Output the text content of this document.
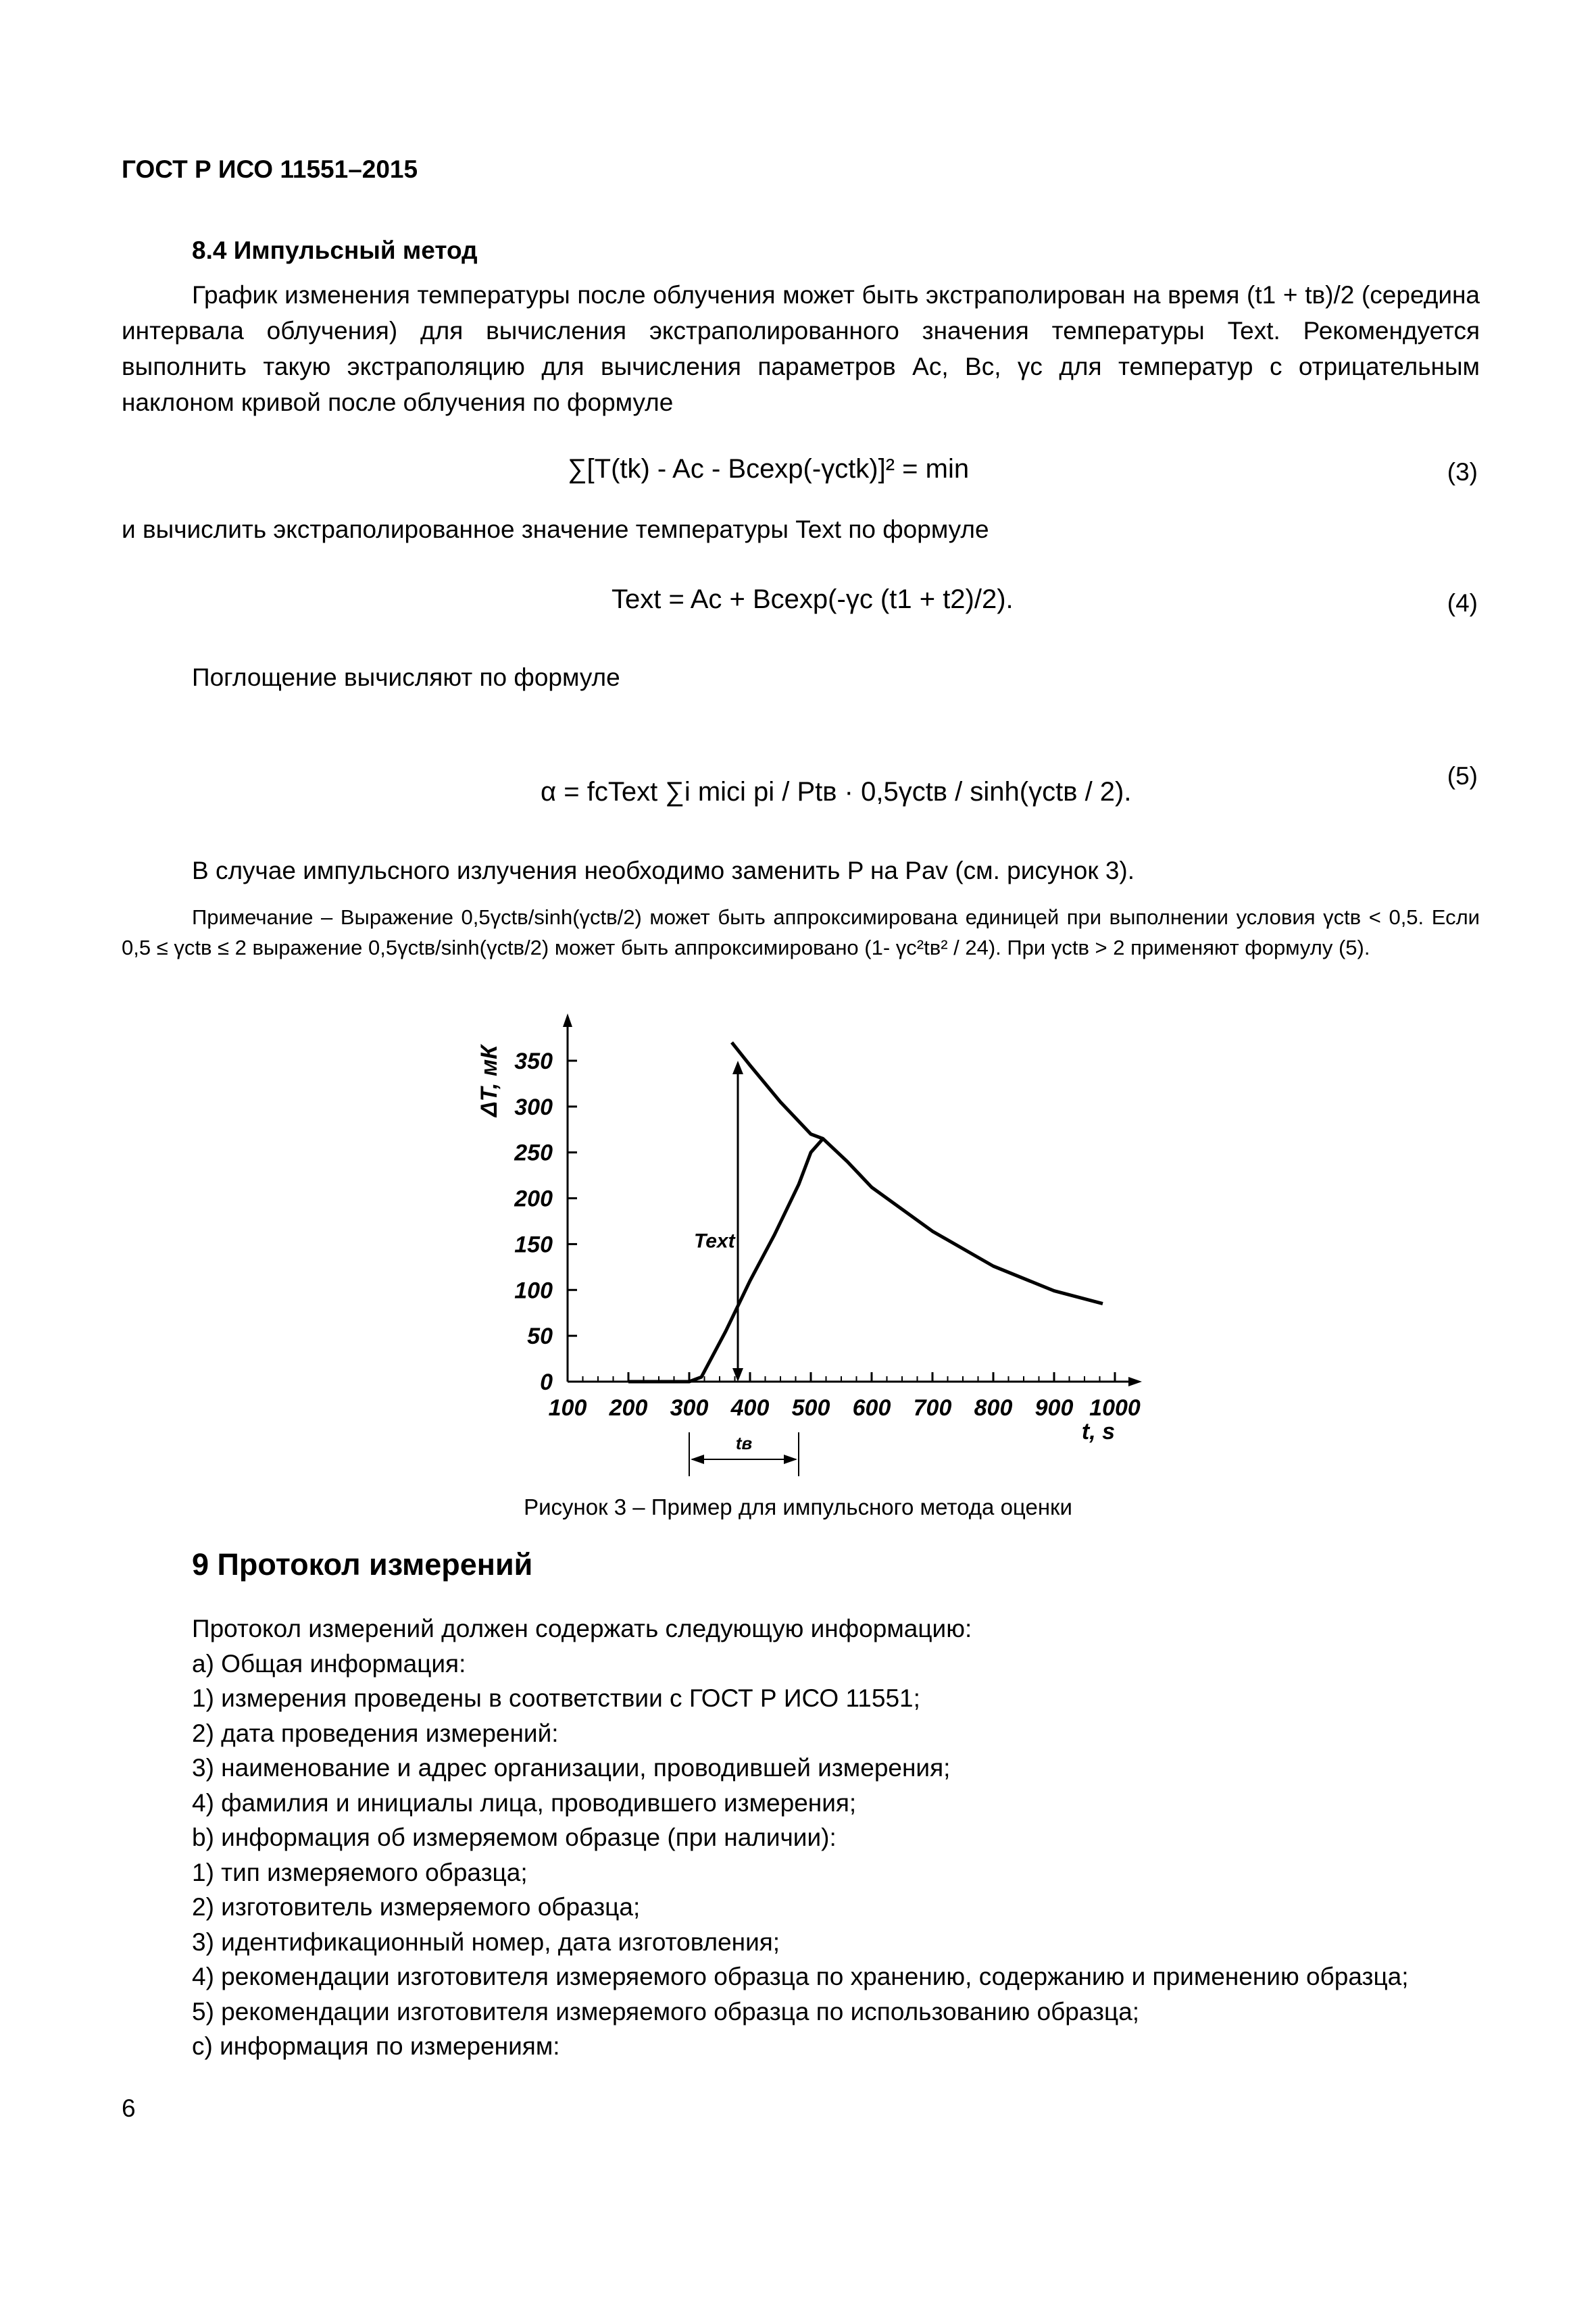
ГОСТ Р ИСО 11551–2015
8.4 Импульсный метод
График изменения температуры после облучения может быть экстраполирован на время (t1 + tв)/2 (середина интервала облучения) для вычисления экстраполированного значения температуры Text. Рекомендуется выполнить такую экстраполяцию для вычисления параметров Ac, Bc, γc для температур с отрицательным наклоном кривой после облучения по формуле
∑[T(tk) - Ac - Bcexp(-γctk)]² = min	(3)
и вычислить экстраполированное значение температуры Text по формуле
Text = Ac + Bcexp(-γc (t1 + t2)/2).	(4)
Поглощение вычисляют по формуле
α = fcText ∑i mici pi / Ptв · 0,5γctв / sinh(γctв / 2).
(5)
В случае импульсного излучения необходимо заменить P на Pav (см. рисунок 3).
Примечание – Выражение 0,5γctв/sinh(γctв/2) может быть аппроксимирована единицей при выполнении условия γctв < 0,5. Если 0,5 ≤ γctв ≤ 2 выражение 0,5γctв/sinh(γctв/2) может быть аппроксимировано (1- γc²tв² / 24). При γctв > 2 применяют формулу (5).
ΔT, мК
t, s
0
50
100
150
200
250
300
350
100 200 300 400 500 600 700 800 900 1000
Text
tв
Рисунок 3 – Пример для импульсного метода оценки
9 Протокол измерений
Протокол измерений должен содержать следующую информацию:
а) Общая информация:
1) измерения проведены в соответствии с ГОСТ Р ИСО 11551;
2) дата проведения измерений:
3) наименование и адрес организации, проводившей измерения;
4) фамилия и инициалы лица, проводившего измерения;
b) информация об измеряемом образце (при наличии):
1) тип измеряемого образца;
2) изготовитель измеряемого образца;
3) идентификационный номер, дата изготовления;
4) рекомендации изготовителя измеряемого образца по хранению, содержанию и применению образца;
5) рекомендации изготовителя измеряемого образца по использованию образца;
с) информация по измерениям:
6
